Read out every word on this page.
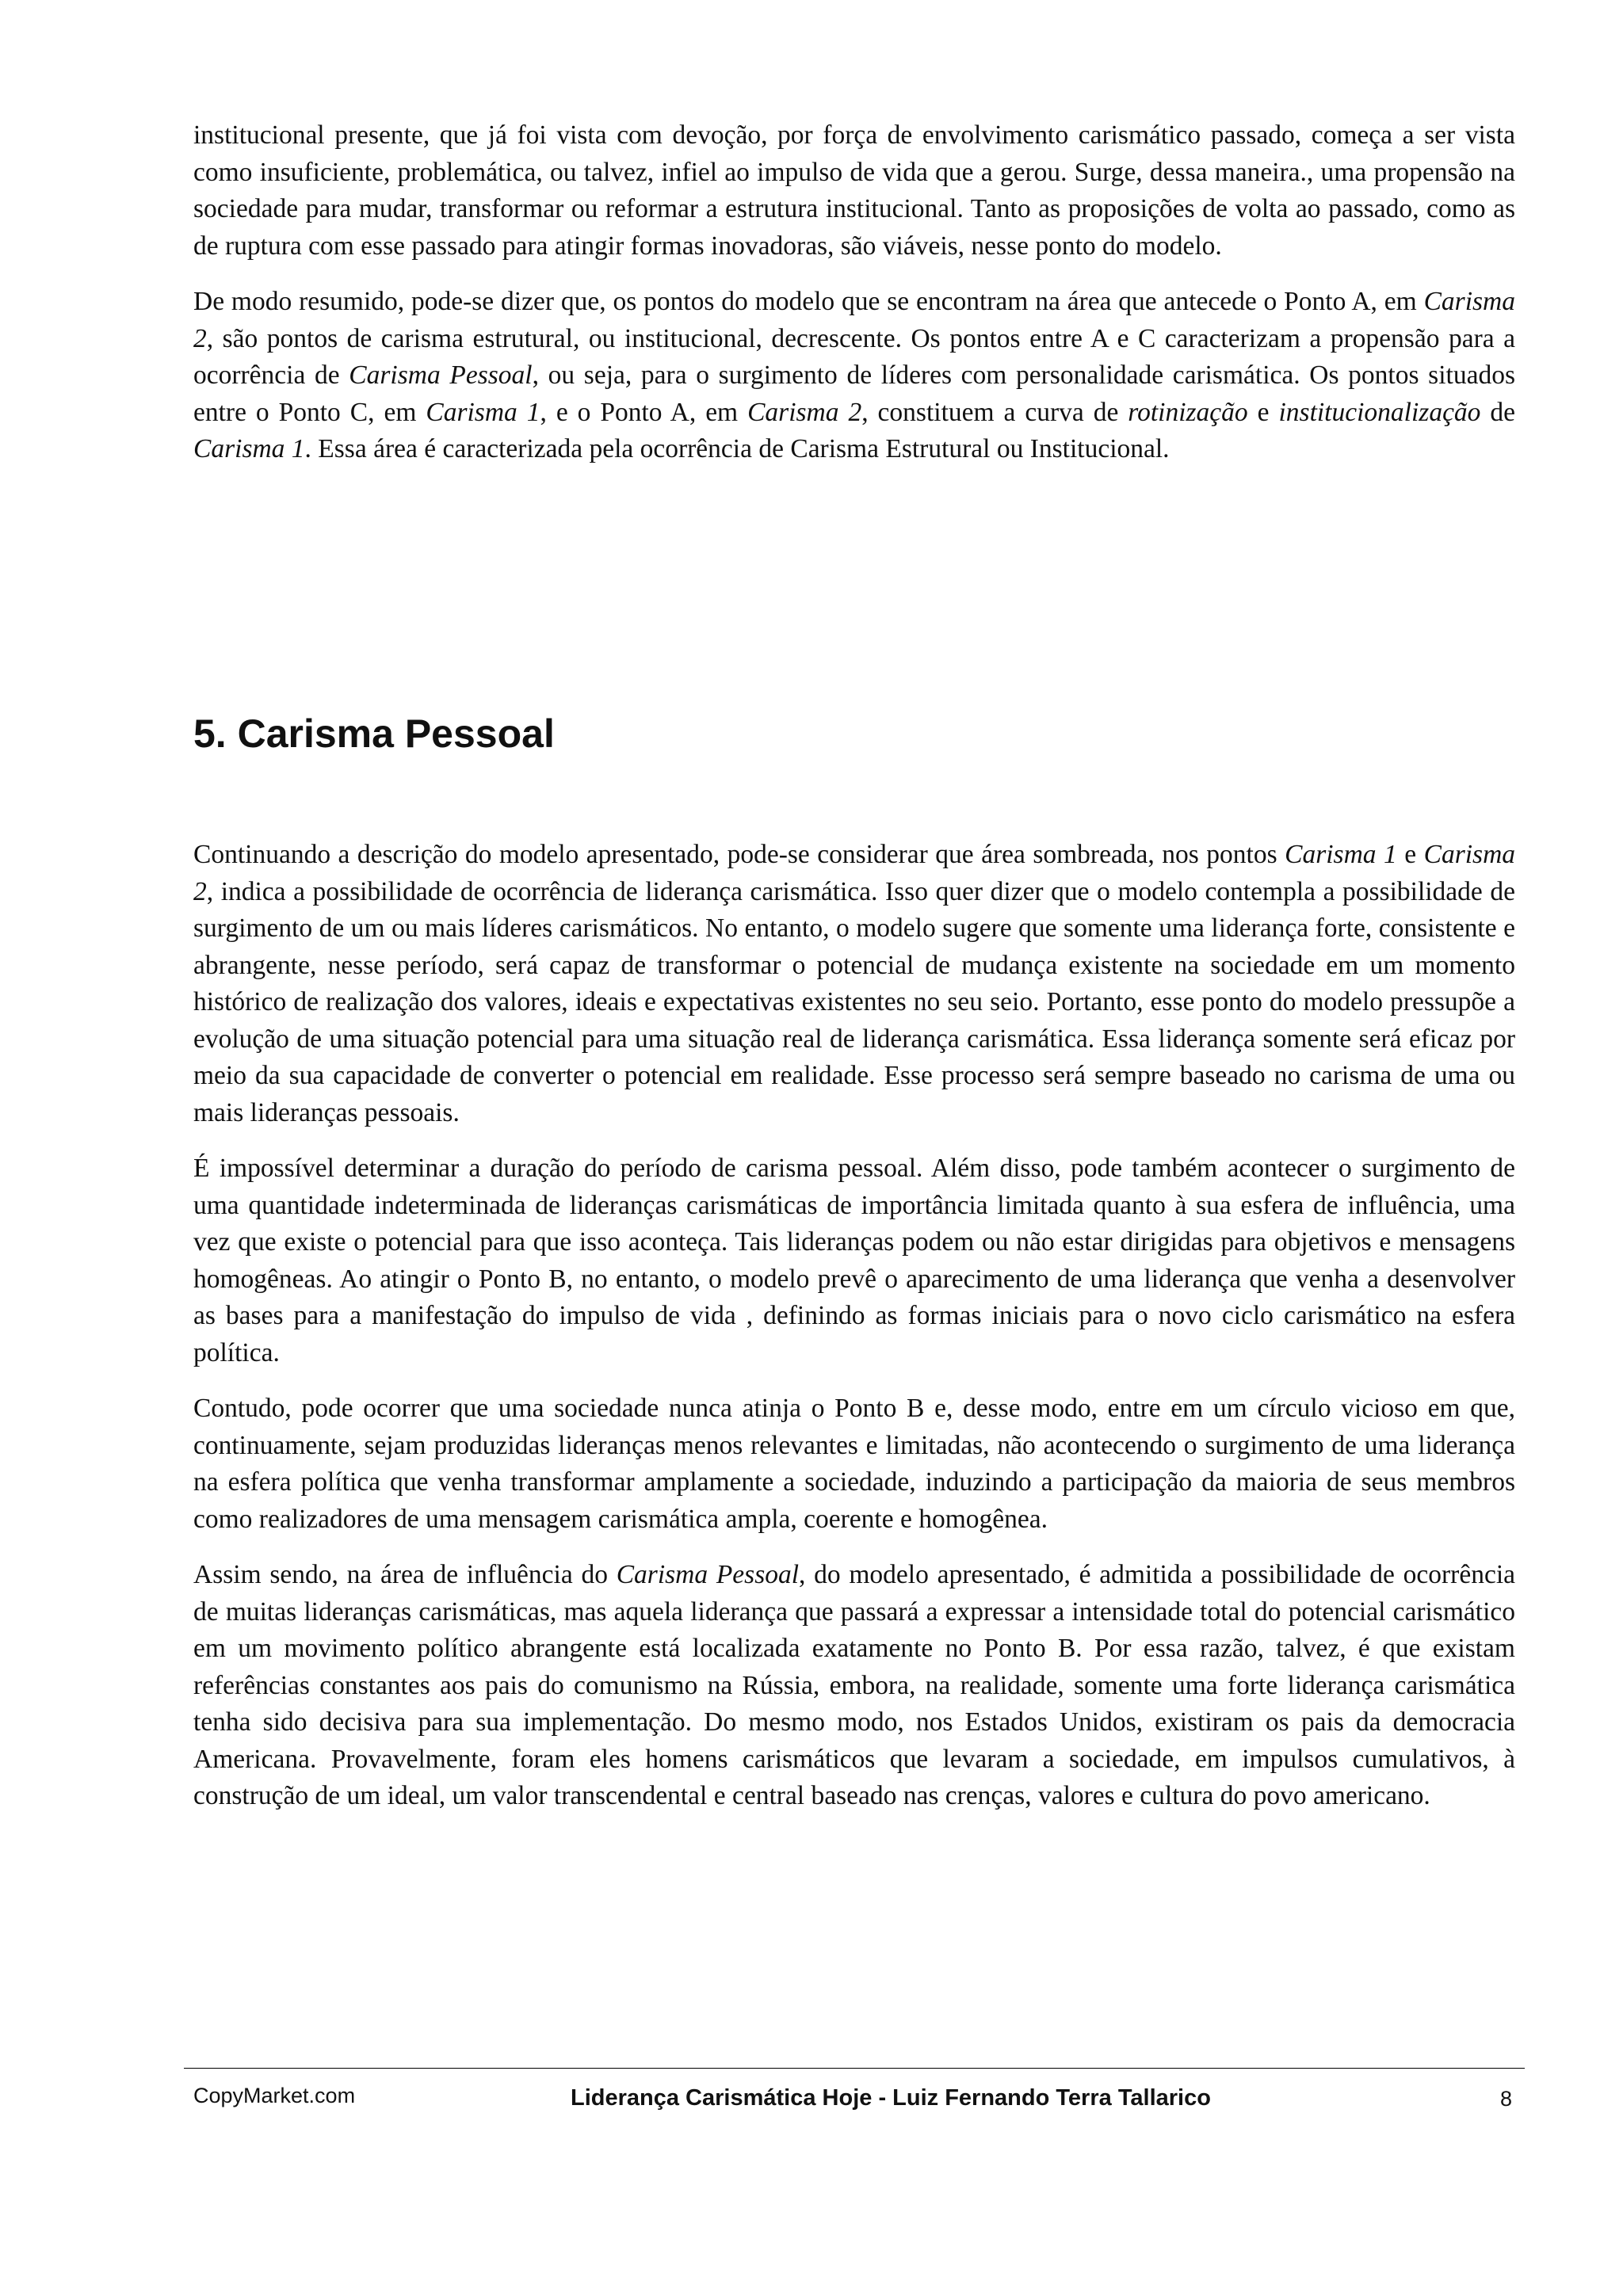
institucional presente, que já foi vista com devoção, por força de envolvimento carismático passado, começa a ser vista como insuficiente, problemática, ou talvez, infiel ao impulso de vida que a gerou. Surge, dessa maneira., uma propensão na sociedade para mudar, transformar ou reformar a estrutura institucional. Tanto as proposições de volta ao passado, como as de ruptura com esse passado para atingir formas inovadoras, são viáveis, nesse ponto do modelo.

De modo resumido, pode-se dizer que, os pontos do modelo que se encontram na área que antecede o Ponto A, em Carisma 2, são pontos de carisma estrutural, ou institucional, decrescente. Os pontos entre A e C caracterizam a propensão para a ocorrência de Carisma Pessoal, ou seja, para o surgimento de líderes com personalidade carismática. Os pontos situados entre o Ponto C, em Carisma 1, e o Ponto A, em Carisma 2, constituem a curva de rotinização e institucionalização de Carisma 1. Essa área é caracterizada pela ocorrência de Carisma Estrutural ou Institucional.

5. Carisma Pessoal

Continuando a descrição do modelo apresentado, pode-se considerar que área sombreada, nos pontos Carisma 1 e Carisma 2, indica a possibilidade de ocorrência de liderança carismática. Isso quer dizer que o modelo contempla a possibilidade de surgimento de um ou mais líderes carismáticos. No entanto, o modelo sugere que somente uma liderança forte, consistente e abrangente, nesse período, será capaz de transformar o potencial de mudança existente na sociedade em um momento histórico de realização dos valores, ideais e expectativas existentes no seu seio. Portanto, esse ponto do modelo pressupõe a evolução de uma situação potencial para uma situação real de liderança carismática. Essa liderança somente será eficaz por meio da sua capacidade de converter o potencial em realidade. Esse processo será sempre baseado no carisma de uma ou mais lideranças pessoais.

É impossível determinar a duração do período de carisma pessoal. Além disso, pode também acontecer o surgimento de uma quantidade indeterminada de lideranças carismáticas de importância limitada quanto à sua esfera de influência, uma vez que existe o potencial para que isso aconteça. Tais lideranças podem ou não estar dirigidas para objetivos e mensagens homogêneas. Ao atingir o Ponto B, no entanto, o modelo prevê o aparecimento de uma liderança que venha a desenvolver as bases para a manifestação do impulso de vida , definindo as formas iniciais para o novo ciclo carismático na esfera política.

Contudo, pode ocorrer que uma sociedade nunca atinja o Ponto B e, desse modo, entre em um círculo vicioso em que, continuamente, sejam produzidas lideranças menos relevantes e limitadas, não acontecendo o surgimento de uma liderança na esfera política que venha transformar amplamente a sociedade, induzindo a participação da maioria de seus membros como realizadores de uma mensagem carismática ampla, coerente e homogênea.

Assim sendo, na área de influência do Carisma Pessoal, do modelo apresentado, é admitida a possibilidade de ocorrência de muitas lideranças carismáticas, mas aquela liderança que passará a expressar a intensidade total do potencial carismático em um movimento político abrangente está localizada exatamente no Ponto B. Por essa razão, talvez, é que existam referências constantes aos pais do comunismo na Rússia, embora, na realidade, somente uma forte liderança carismática tenha sido decisiva para sua implementação. Do mesmo modo, nos Estados Unidos, existiram os pais da democracia Americana. Provavelmente, foram eles homens carismáticos que levaram a sociedade, em impulsos cumulativos, à construção de um ideal, um valor transcendental e central baseado nas crenças, valores e cultura do povo americano.

CopyMarket.com	Liderança Carismática Hoje - Luiz Fernando Terra Tallarico	8
